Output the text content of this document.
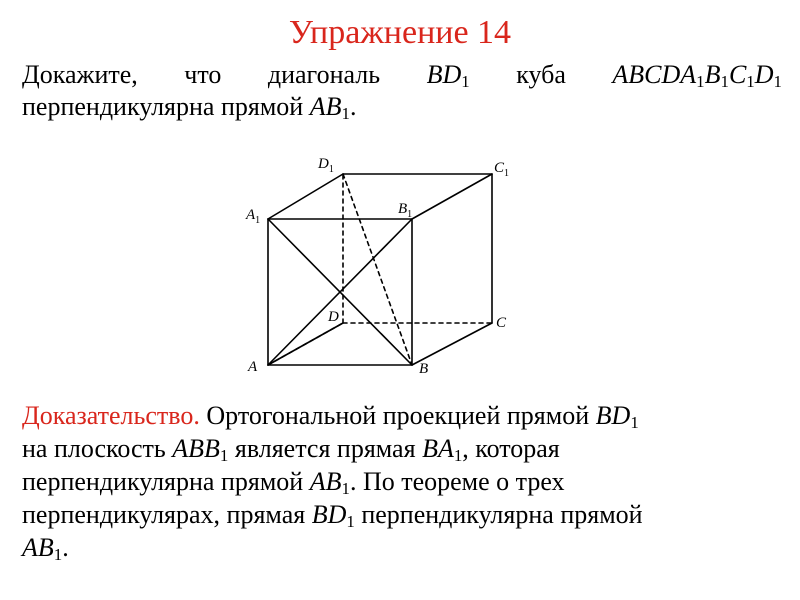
Упражнение 14
Докажите, что диагональ $BD_1$ куба $ABCDA_1B_1C_1D_1$
перпендикулярна прямой $AB_1$.
A	B
C
D
$A_1$
$B_1$
$C_1$
$D_1$
Доказательство. Ортогональной проекцией прямой $BD_1$
на плоскость $ABB_1$ является прямая $BA_1$, которая
перпендикулярна прямой $AB_1$. По теореме о трех
перпендикулярах, прямая $BD_1$ перпендикулярна прямой
$AB_1$.
